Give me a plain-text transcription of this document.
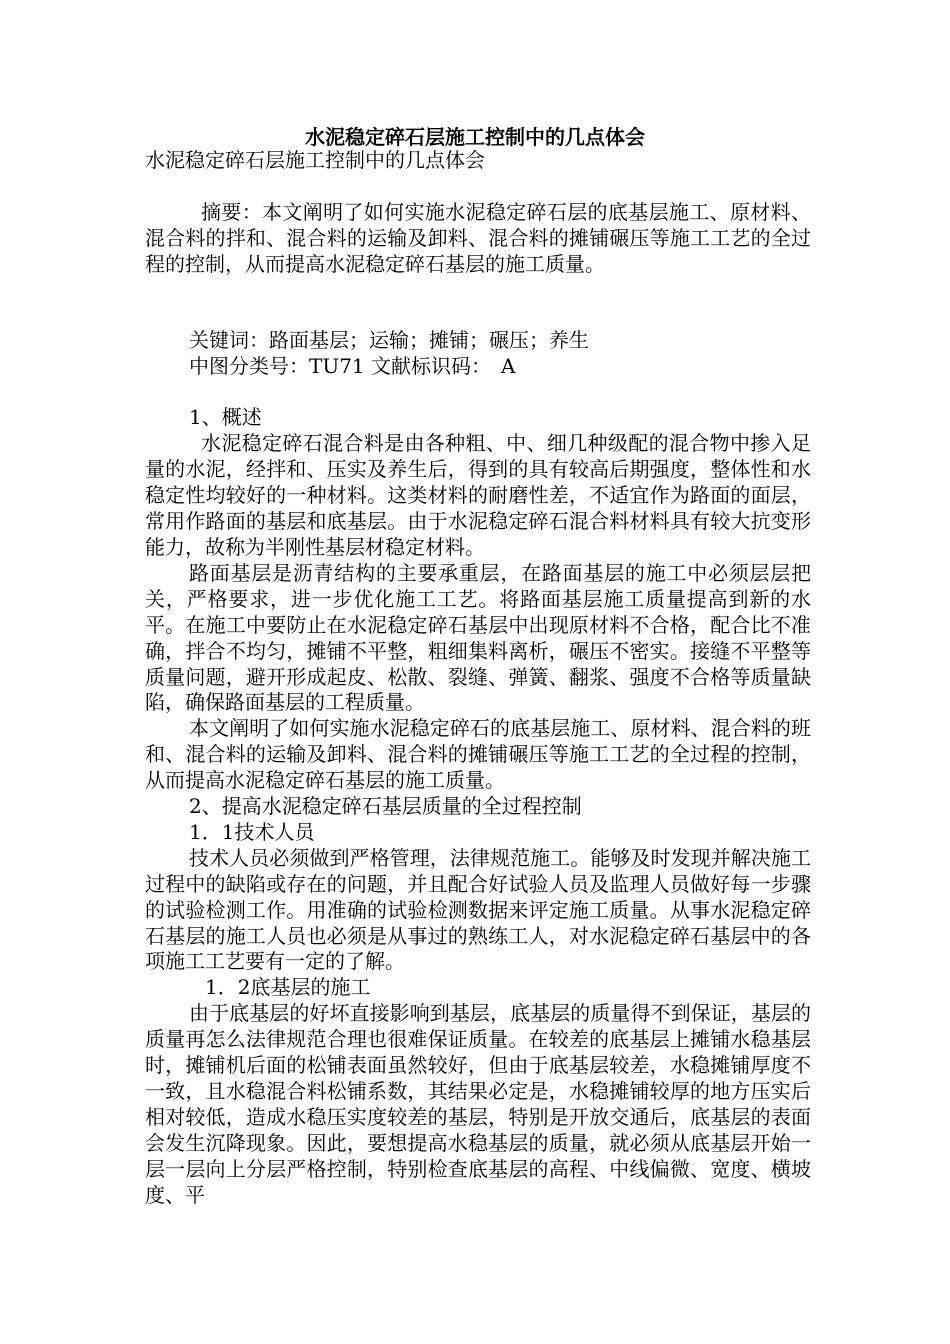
水泥稳定碎石层施工控制中的几点体会

水泥稳定碎石层施工控制中的几点体会

摘要：本文阐明了如何实施水泥稳定碎石层的底基层施工、原材料、混合料的拌和、混合料的运输及卸料、混合料的摊铺碾压等施工工艺的全过程的控制，从而提高水泥稳定碎石基层的施工质量。

关键词：路面基层；运输；摊铺；碾压；养生

中图分类号：TU71 文献标识码：　A

1、概述

水泥稳定碎石混合料是由各种粗、中、细几种级配的混合物中掺入足量的水泥，经拌和、压实及养生后，得到的具有较高后期强度，整体性和水稳定性均较好的一种材料。这类材料的耐磨性差，不适宜作为路面的面层，常用作路面的基层和底基层。由于水泥稳定碎石混合料材料具有较大抗变形能力，故称为半刚性基层材稳定材料。

路面基层是沥青结构的主要承重层，在路面基层的施工中必须层层把关，严格要求，进一步优化施工工艺。将路面基层施工质量提高到新的水平。在施工中要防止在水泥稳定碎石基层中出现原材料不合格，配合比不准确，拌合不均匀，摊铺不平整，粗细集料离析，碾压不密实。接缝不平整等质量问题，避开形成起皮、松散、裂缝、弹簧、翻浆、强度不合格等质量缺陷，确保路面基层的工程质量。

本文阐明了如何实施水泥稳定碎石的底基层施工、原材料、混合料的班和、混合料的运输及卸料、混合料的摊铺碾压等施工工艺的全过程的控制，从而提高水泥稳定碎石基层的施工质量。

2、提高水泥稳定碎石基层质量的全过程控制

1．1技术人员

技术人员必须做到严格管理，法律规范施工。能够及时发现并解决施工过程中的缺陷或存在的问题，并且配合好试验人员及监理人员做好每一步骤的试验检测工作。用准确的试验检测数据来评定施工质量。从事水泥稳定碎石基层的施工人员也必须是从事过的熟练工人，对水泥稳定碎石基层中的各项施工工艺要有一定的了解。

1．2底基层的施工

由于底基层的好坏直接影响到基层，底基层的质量得不到保证，基层的质量再怎么法律规范合理也很难保证质量。在较差的底基层上摊铺水稳基层时，摊铺机后面的松铺表面虽然较好，但由于底基层较差，水稳摊铺厚度不一致，且水稳混合料松铺系数，其结果必定是，水稳摊铺较厚的地方压实后相对较低，造成水稳压实度较差的基层，特别是开放交通后，底基层的表面会发生沉降现象。因此，要想提高水稳基层的质量，就必须从底基层开始一层一层向上分层严格控制，特别检查底基层的高程、中线偏微、宽度、横坡度、平
